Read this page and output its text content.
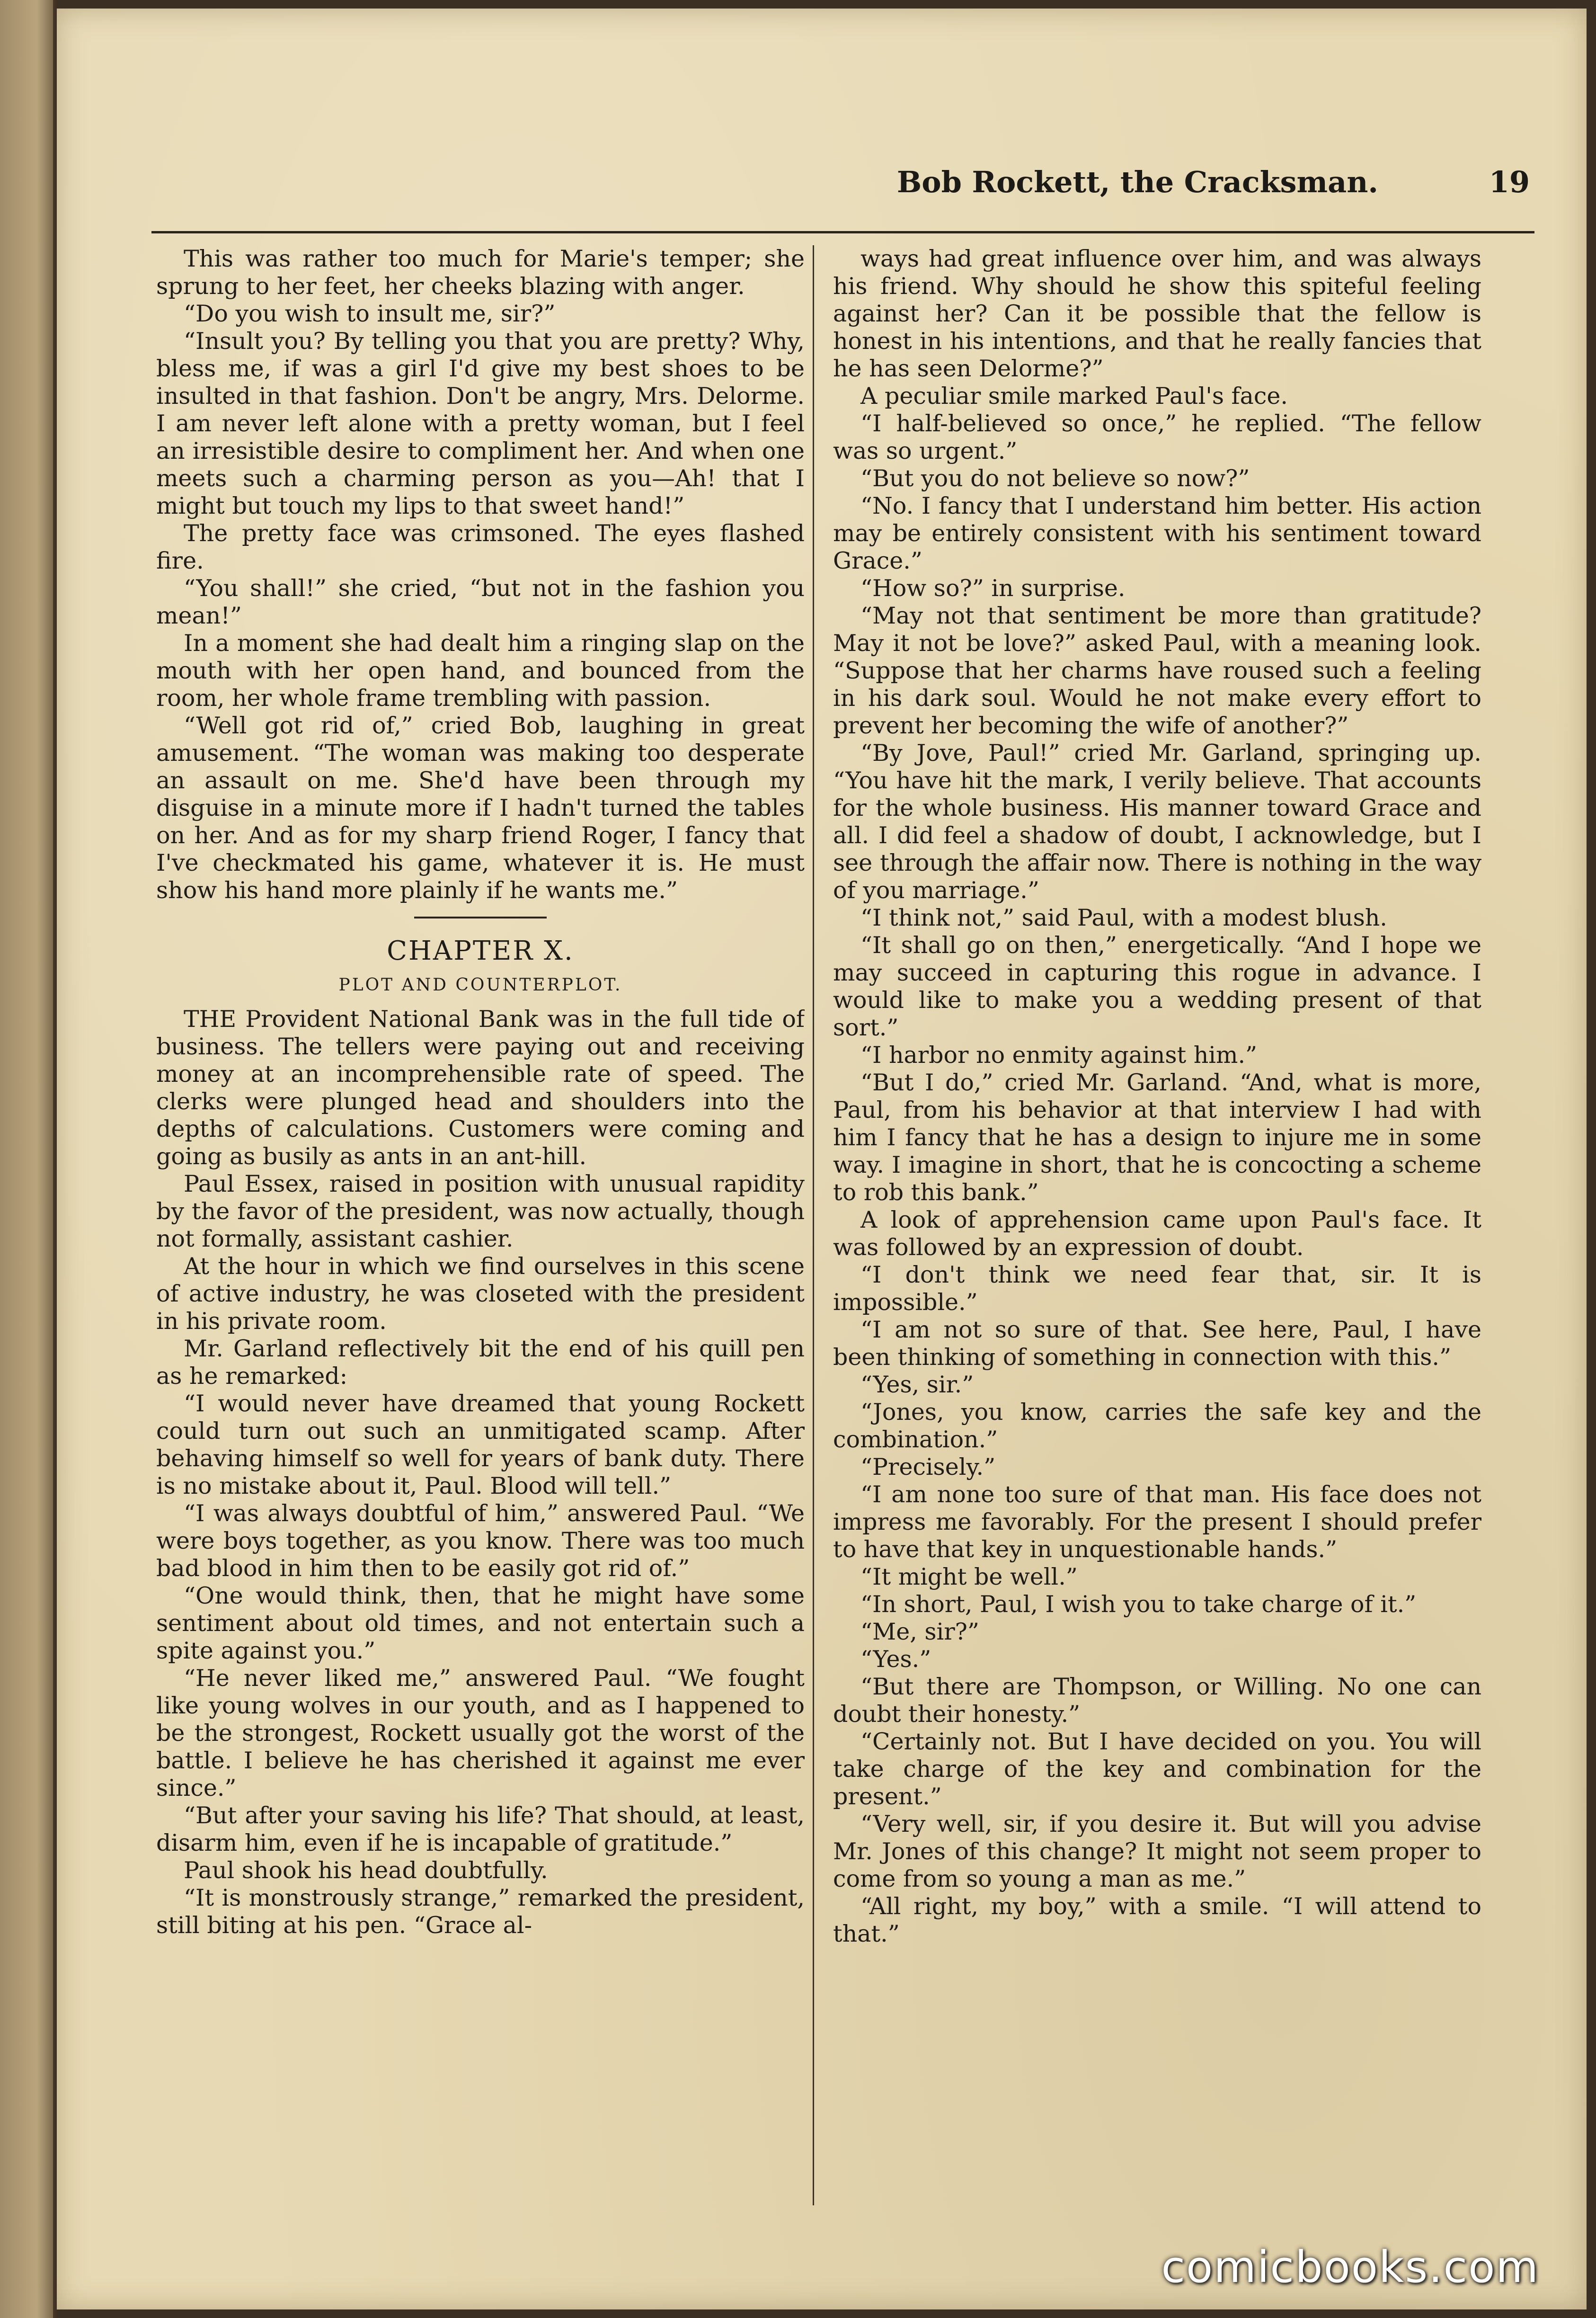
Bob Rockett, the Cracksman.	19

This was rather too much for Marie's temper; she sprung to her feet, her cheeks blazing with anger.

“Do you wish to insult me, sir?”

“Insult you? By telling you that you are pretty? Why, bless me, if was a girl I'd give my best shoes to be insulted in that fashion. Don't be angry, Mrs. Delorme. I am never left alone with a pretty woman, but I feel an irresistible desire to compliment her. And when one meets such a charming person as you—Ah! that I might but touch my lips to that sweet hand!”

The pretty face was crimsoned. The eyes flashed fire.

“You shall!” she cried, “but not in the fashion you mean!”

In a moment she had dealt him a ringing slap on the mouth with her open hand, and bounced from the room, her whole frame trembling with passion.

“Well got rid of,” cried Bob, laughing in great amusement. “The woman was making too desperate an assault on me. She'd have been through my disguise in a minute more if I hadn't turned the tables on her. And as for my sharp friend Roger, I fancy that I've checkmated his game, whatever it is. He must show his hand more plainly if he wants me.”

CHAPTER X.
PLOT AND COUNTERPLOT.

THE Provident National Bank was in the full tide of business. The tellers were paying out and receiving money at an incomprehensible rate of speed. The clerks were plunged head and shoulders into the depths of calculations. Customers were coming and going as busily as ants in an ant-hill.

Paul Essex, raised in position with unusual rapidity by the favor of the president, was now actually, though not formally, assistant cashier.

At the hour in which we find ourselves in this scene of active industry, he was closeted with the president in his private room.

Mr. Garland reflectively bit the end of his quill pen as he remarked:

“I would never have dreamed that young Rockett could turn out such an unmitigated scamp. After behaving himself so well for years of bank duty. There is no mistake about it, Paul. Blood will tell.”

“I was always doubtful of him,” answered Paul. “We were boys together, as you know. There was too much bad blood in him then to be easily got rid of.”

“One would think, then, that he might have some sentiment about old times, and not entertain such a spite against you.”

“He never liked me,” answered Paul. “We fought like young wolves in our youth, and as I happened to be the strongest, Rockett usually got the worst of the battle. I believe he has cherished it against me ever since.”

“But after your saving his life? That should, at least, disarm him, even if he is incapable of gratitude.”

Paul shook his head doubtfully.

“It is monstrously strange,” remarked the president, still biting at his pen. “Grace al-

ways had great influence over him, and was always his friend. Why should he show this spiteful feeling against her? Can it be possible that the fellow is honest in his intentions, and that he really fancies that he has seen Delorme?”

A peculiar smile marked Paul's face.

“I half-believed so once,” he replied. “The fellow was so urgent.”

“But you do not believe so now?”

“No. I fancy that I understand him better. His action may be entirely consistent with his sentiment toward Grace.”

“How so?” in surprise.

“May not that sentiment be more than gratitude? May it not be love?” asked Paul, with a meaning look. “Suppose that her charms have roused such a feeling in his dark soul. Would he not make every effort to prevent her becoming the wife of another?”

“By Jove, Paul!” cried Mr. Garland, springing up. “You have hit the mark, I verily believe. That accounts for the whole business. His manner toward Grace and all. I did feel a shadow of doubt, I acknowledge, but I see through the affair now. There is nothing in the way of you marriage.”

“I think not,” said Paul, with a modest blush.

“It shall go on then,” energetically. “And I hope we may succeed in capturing this rogue in advance. I would like to make you a wedding present of that sort.”

“I harbor no enmity against him.”

“But I do,” cried Mr. Garland. “And, what is more, Paul, from his behavior at that interview I had with him I fancy that he has a design to injure me in some way. I imagine in short, that he is concocting a scheme to rob this bank.”

A look of apprehension came upon Paul's face. It was followed by an expression of doubt.

“I don't think we need fear that, sir. It is impossible.”

“I am not so sure of that. See here, Paul, I have been thinking of something in connection with this.”

“Yes, sir.”

“Jones, you know, carries the safe key and the combination.”

“Precisely.”

“I am none too sure of that man. His face does not impress me favorably. For the present I should prefer to have that key in unquestionable hands.”

“It might be well.”

“In short, Paul, I wish you to take charge of it.”

“Me, sir?”

“Yes.”

“But there are Thompson, or Willing. No one can doubt their honesty.”

“Certainly not. But I have decided on you. You will take charge of the key and combination for the present.”

“Very well, sir, if you desire it. But will you advise Mr. Jones of this change? It might not seem proper to come from so young a man as me.”

“All right, my boy,” with a smile. “I will attend to that.”

comicbooks.com
